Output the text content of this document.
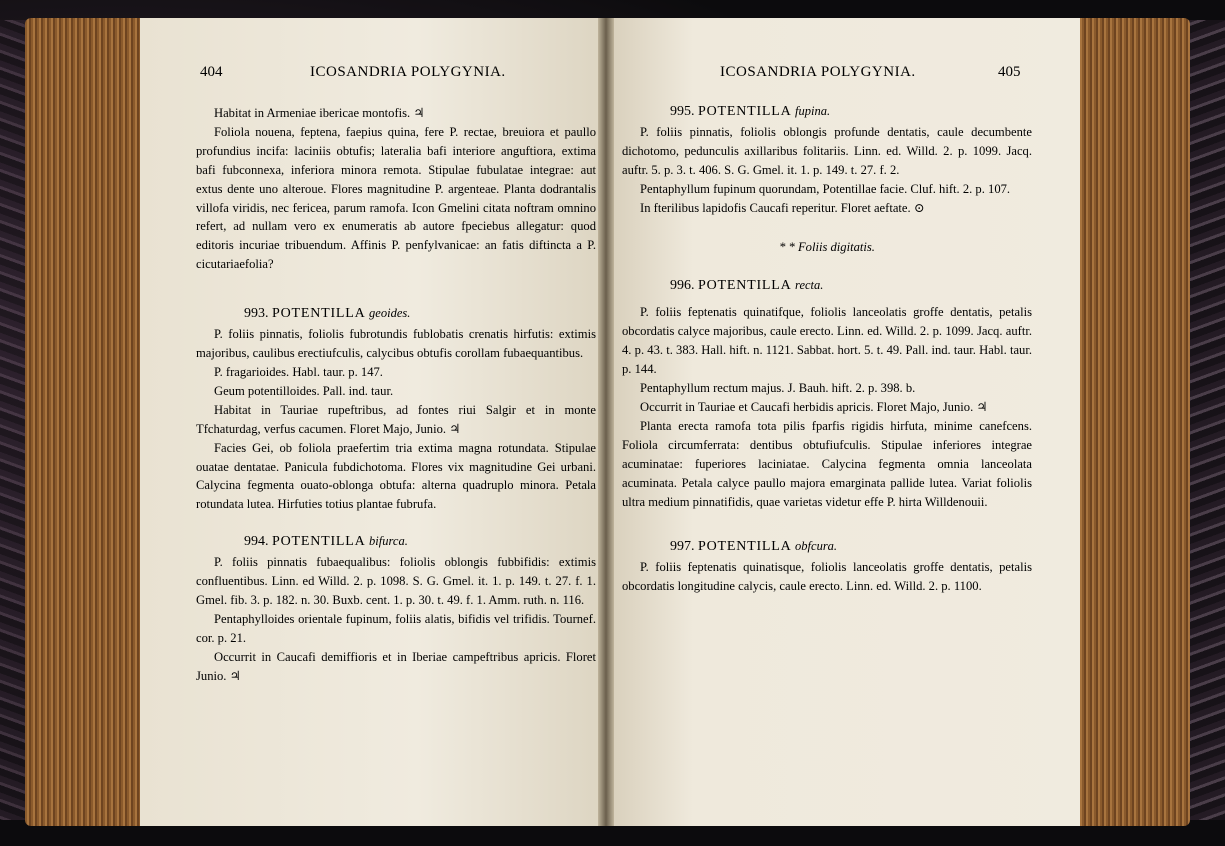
404	ICOSANDRIA POLYGYNIA.	ICOSANDRIA POLYGYNIA.	405

Habitat in Armeniae ibericae montofis. ♃

Foliola nouena, feptena, faepius quina, fere P. rectae, breuiora et paullo profundius incifa: laciniis obtufis; lateralia bafi interiore anguftiora, extima bafi fubconnexa, inferiora minora remota. Stipulae fubulatae integrae: aut extus dente uno alteroue. Flores magnitudine P. argenteae. Planta dodrantalis villofa viridis, nec fericea, parum ramofa. Icon Gmelini citata noftram omnino refert, ad nullam vero ex enumeratis ab autore fpeciebus allegatur: quod editoris incuriae tribuendum. Affinis P. penfylvanicae: an fatis diftincta a P. cicutariaefolia?

993. POTENTILLA geoides.

P. foliis pinnatis, foliolis fubrotundis fublobatis crenatis hirfutis: extimis majoribus, caulibus erectiufculis, calycibus obtufis corollam fubaequantibus.

P. fragarioides. Habl. taur. p. 147.

Geum potentilloides. Pall. ind. taur.

Habitat in Tauriae rupeftribus, ad fontes riui Salgir et in monte Tfchaturdag, verfus cacumen. Floret Majo, Junio. ♃

Facies Gei, ob foliola praefertim tria extima magna rotundata. Stipulae ouatae dentatae. Panicula fubdichotoma. Flores vix magnitudine Gei urbani. Calycina fegmenta ouato-oblonga obtufa: alterna quadruplo minora. Petala rotundata lutea. Hirfuties totius plantae fubrufa.

994. POTENTILLA bifurca.

P. foliis pinnatis fubaequalibus: foliolis oblongis fubbifidis: extimis confluentibus. Linn. ed Willd. 2. p. 1098. S. G. Gmel. it. 1. p. 149. t. 27. f. 1. Gmel. fib. 3. p. 182. n. 30. Buxb. cent. 1. p. 30. t. 49. f. 1. Amm. ruth. n. 116.

Pentaphylloides orientale fupinum, foliis alatis, bifidis vel trifidis. Tournef. cor. p. 21.

Occurrit in Caucafi demiffioris et in Iberiae campeftribus apricis. Floret Junio. ♃

995. POTENTILLA fupina.

P. foliis pinnatis, foliolis oblongis profunde dentatis, caule decumbente dichotomo, pedunculis axillaribus folitariis. Linn. ed. Willd. 2. p. 1099. Jacq. auftr. 5. p. 3. t. 406. S. G. Gmel. it. 1. p. 149. t. 27. f. 2.

Pentaphyllum fupinum quorundam, Potentillae facie. Cluf. hift. 2. p. 107.

In fterilibus lapidofis Caucafi reperitur. Floret aeftate. ⊙

* * Foliis digitatis.

996. POTENTILLA recta.

P. foliis feptenatis quinatifque, foliolis lanceolatis groffe dentatis, petalis obcordatis calyce majoribus, caule erecto. Linn. ed. Willd. 2. p. 1099. Jacq. auftr. 4. p. 43. t. 383. Hall. hift. n. 1121. Sabbat. hort. 5. t. 49. Pall. ind. taur. Habl. taur. p. 144.

Pentaphyllum rectum majus. J. Bauh. hift. 2. p. 398. b.

Occurrit in Tauriae et Caucafi herbidis apricis. Floret Majo, Junio. ♃

Planta erecta ramofa tota pilis fparfis rigidis hirfuta, minime canefcens. Foliola circumferrata: dentibus obtufiufculis. Stipulae inferiores integrae acuminatae: fuperiores laciniatae. Calycina fegmenta omnia lanceolata acuminata. Petala calyce paullo majora emarginata pallide lutea. Variat foliolis ultra medium pinnatifidis, quae varietas videtur effe P. hirta Willdenouii.

997. POTENTILLA obfcura.

P. foliis feptenatis quinatisque, foliolis lanceolatis groffe dentatis, petalis obcordatis longitudine calycis, caule erecto. Linn. ed. Willd. 2. p. 1100.
